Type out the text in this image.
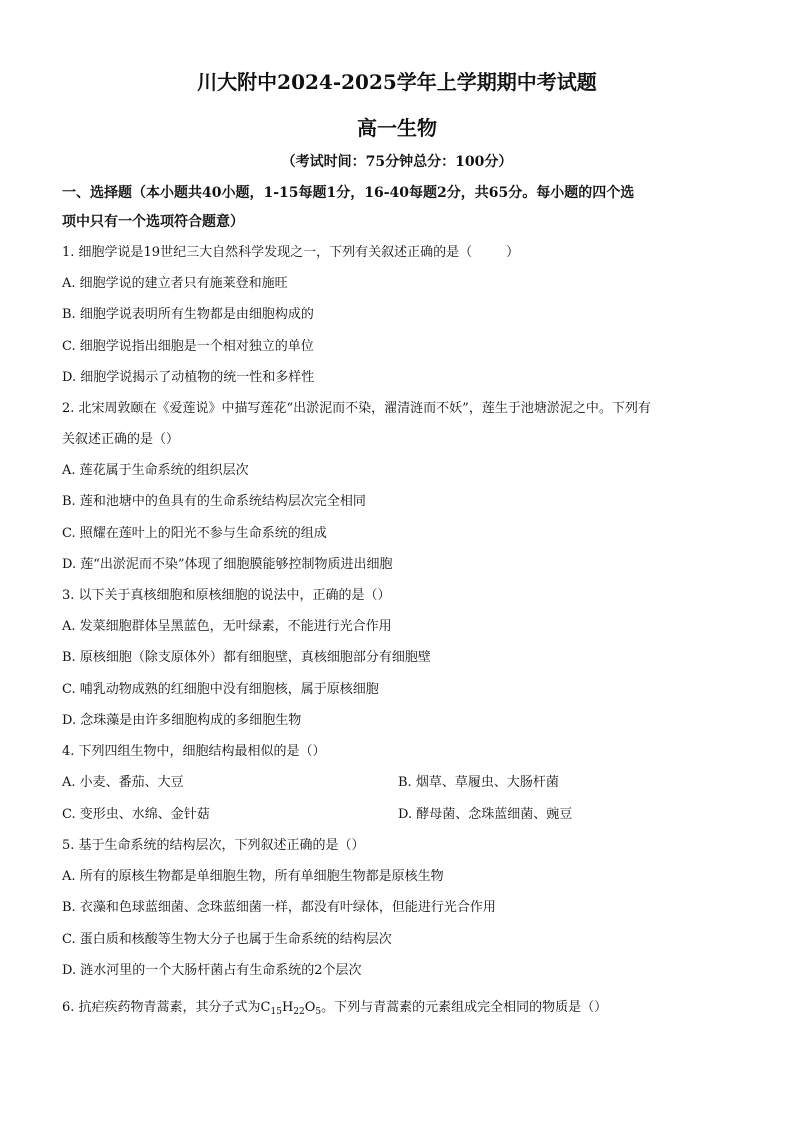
川大附中2024-2025学年上学期期中考试题
高一生物
（考试时间：75分钟总分：100分）
一、选择题（本小题共40小题，1-15每题1分，16-40每题2分，共65分。每小题的四个选
项中只有一个选项符合题意）
1. 细胞学说是19世纪三大自然科学发现之一，下列有关叙述正确的是（	）
A. 细胞学说的建立者只有施莱登和施旺
B. 细胞学说表明所有生物都是由细胞构成的
C. 细胞学说指出细胞是一个相对独立的单位
D. 细胞学说揭示了动植物的统一性和多样性
2. 北宋周敦颐在《爱莲说》中描写莲花“出淤泥而不染，濯清涟而不妖”，莲生于池塘淤泥之中。下列有
关叙述正确的是（）
A. 莲花属于生命系统的组织层次
B. 莲和池塘中的鱼具有的生命系统结构层次完全相同
C. 照耀在莲叶上的阳光不参与生命系统的组成
D. 莲“出淤泥而不染”体现了细胞膜能够控制物质进出细胞
3. 以下关于真核细胞和原核细胞的说法中，正确的是（）
A. 发菜细胞群体呈黑蓝色，无叶绿素，不能进行光合作用
B. 原核细胞（除支原体外）都有细胞壁，真核细胞部分有细胞壁
C. 哺乳动物成熟的红细胞中没有细胞核，属于原核细胞
D. 念珠藻是由许多细胞构成的多细胞生物
4. 下列四组生物中，细胞结构最相似的是（）
A. 小麦、番茄、大豆	B. 烟草、草履虫、大肠杆菌
C. 变形虫、水绵、金针菇	D. 酵母菌、念珠蓝细菌、豌豆
5. 基于生命系统的结构层次，下列叙述正确的是（）
A. 所有的原核生物都是单细胞生物，所有单细胞生物都是原核生物
B. 衣藻和色球蓝细菌、念珠蓝细菌一样，都没有叶绿体，但能进行光合作用
C. 蛋白质和核酸等生物大分子也属于生命系统的结构层次
D. 涟水河里的一个大肠杆菌占有生命系统的2个层次
6. 抗疟疾药物青蒿素，其分子式为$C_{15}H_{22}O_5$。下列与青蒿素的元素组成完全相同的物质是（）
